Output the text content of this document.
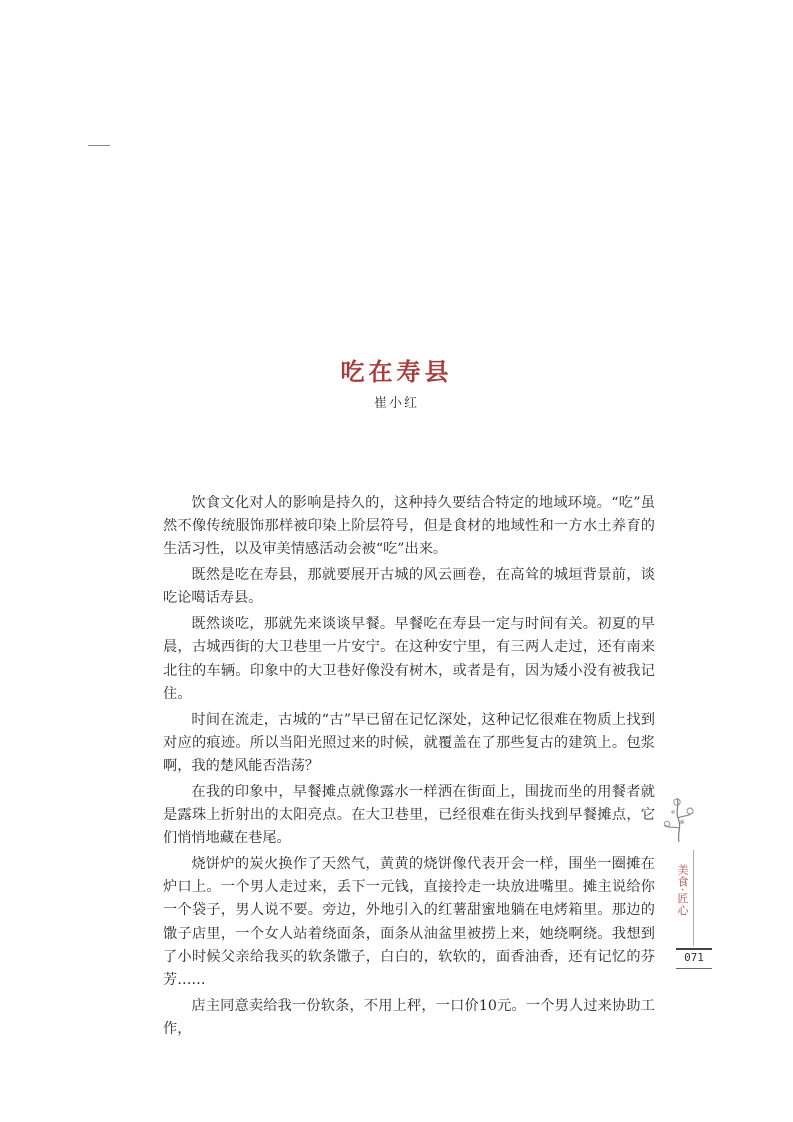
吃在寿县
崔小红

饮食文化对人的影响是持久的，这种持久要结合特定的地域环境。“吃”虽然不像传统服饰那样被印染上阶层符号，但是食材的地域性和一方水土养育的生活习性，以及审美情感活动会被“吃”出来。

既然是吃在寿县，那就要展开古城的风云画卷，在高耸的城垣背景前，谈吃论噶话寿县。

既然谈吃，那就先来谈谈早餐。早餐吃在寿县一定与时间有关。初夏的早晨，古城西街的大卫巷里一片安宁。在这种安宁里，有三两人走过，还有南来北往的车辆。印象中的大卫巷好像没有树木，或者是有，因为矮小没有被我记住。

时间在流走，古城的“古”早已留在记忆深处，这种记忆很难在物质上找到对应的痕迹。所以当阳光照过来的时候，就覆盖在了那些复古的建筑上。包浆啊，我的楚风能否浩荡？

在我的印象中，早餐摊点就像露水一样洒在街面上，围拢而坐的用餐者就是露珠上折射出的太阳亮点。在大卫巷里，已经很难在街头找到早餐摊点，它们悄悄地藏在巷尾。

烧饼炉的炭火换作了天然气，黄黄的烧饼像代表开会一样，围坐一圈摊在炉口上。一个男人走过来，丢下一元钱，直接拎走一块放进嘴里。摊主说给你一个袋子，男人说不要。旁边，外地引入的红薯甜蜜地躺在电烤箱里。那边的馓子店里，一个女人站着绕面条，面条从油盆里被捞上来，她绕啊绕。我想到了小时候父亲给我买的软条馓子，白白的，软软的，面香油香，还有记忆的芬芳……

店主同意卖给我一份软条，不用上秤，一口价10元。一个男人过来协助工作，

美食·匠心
071
